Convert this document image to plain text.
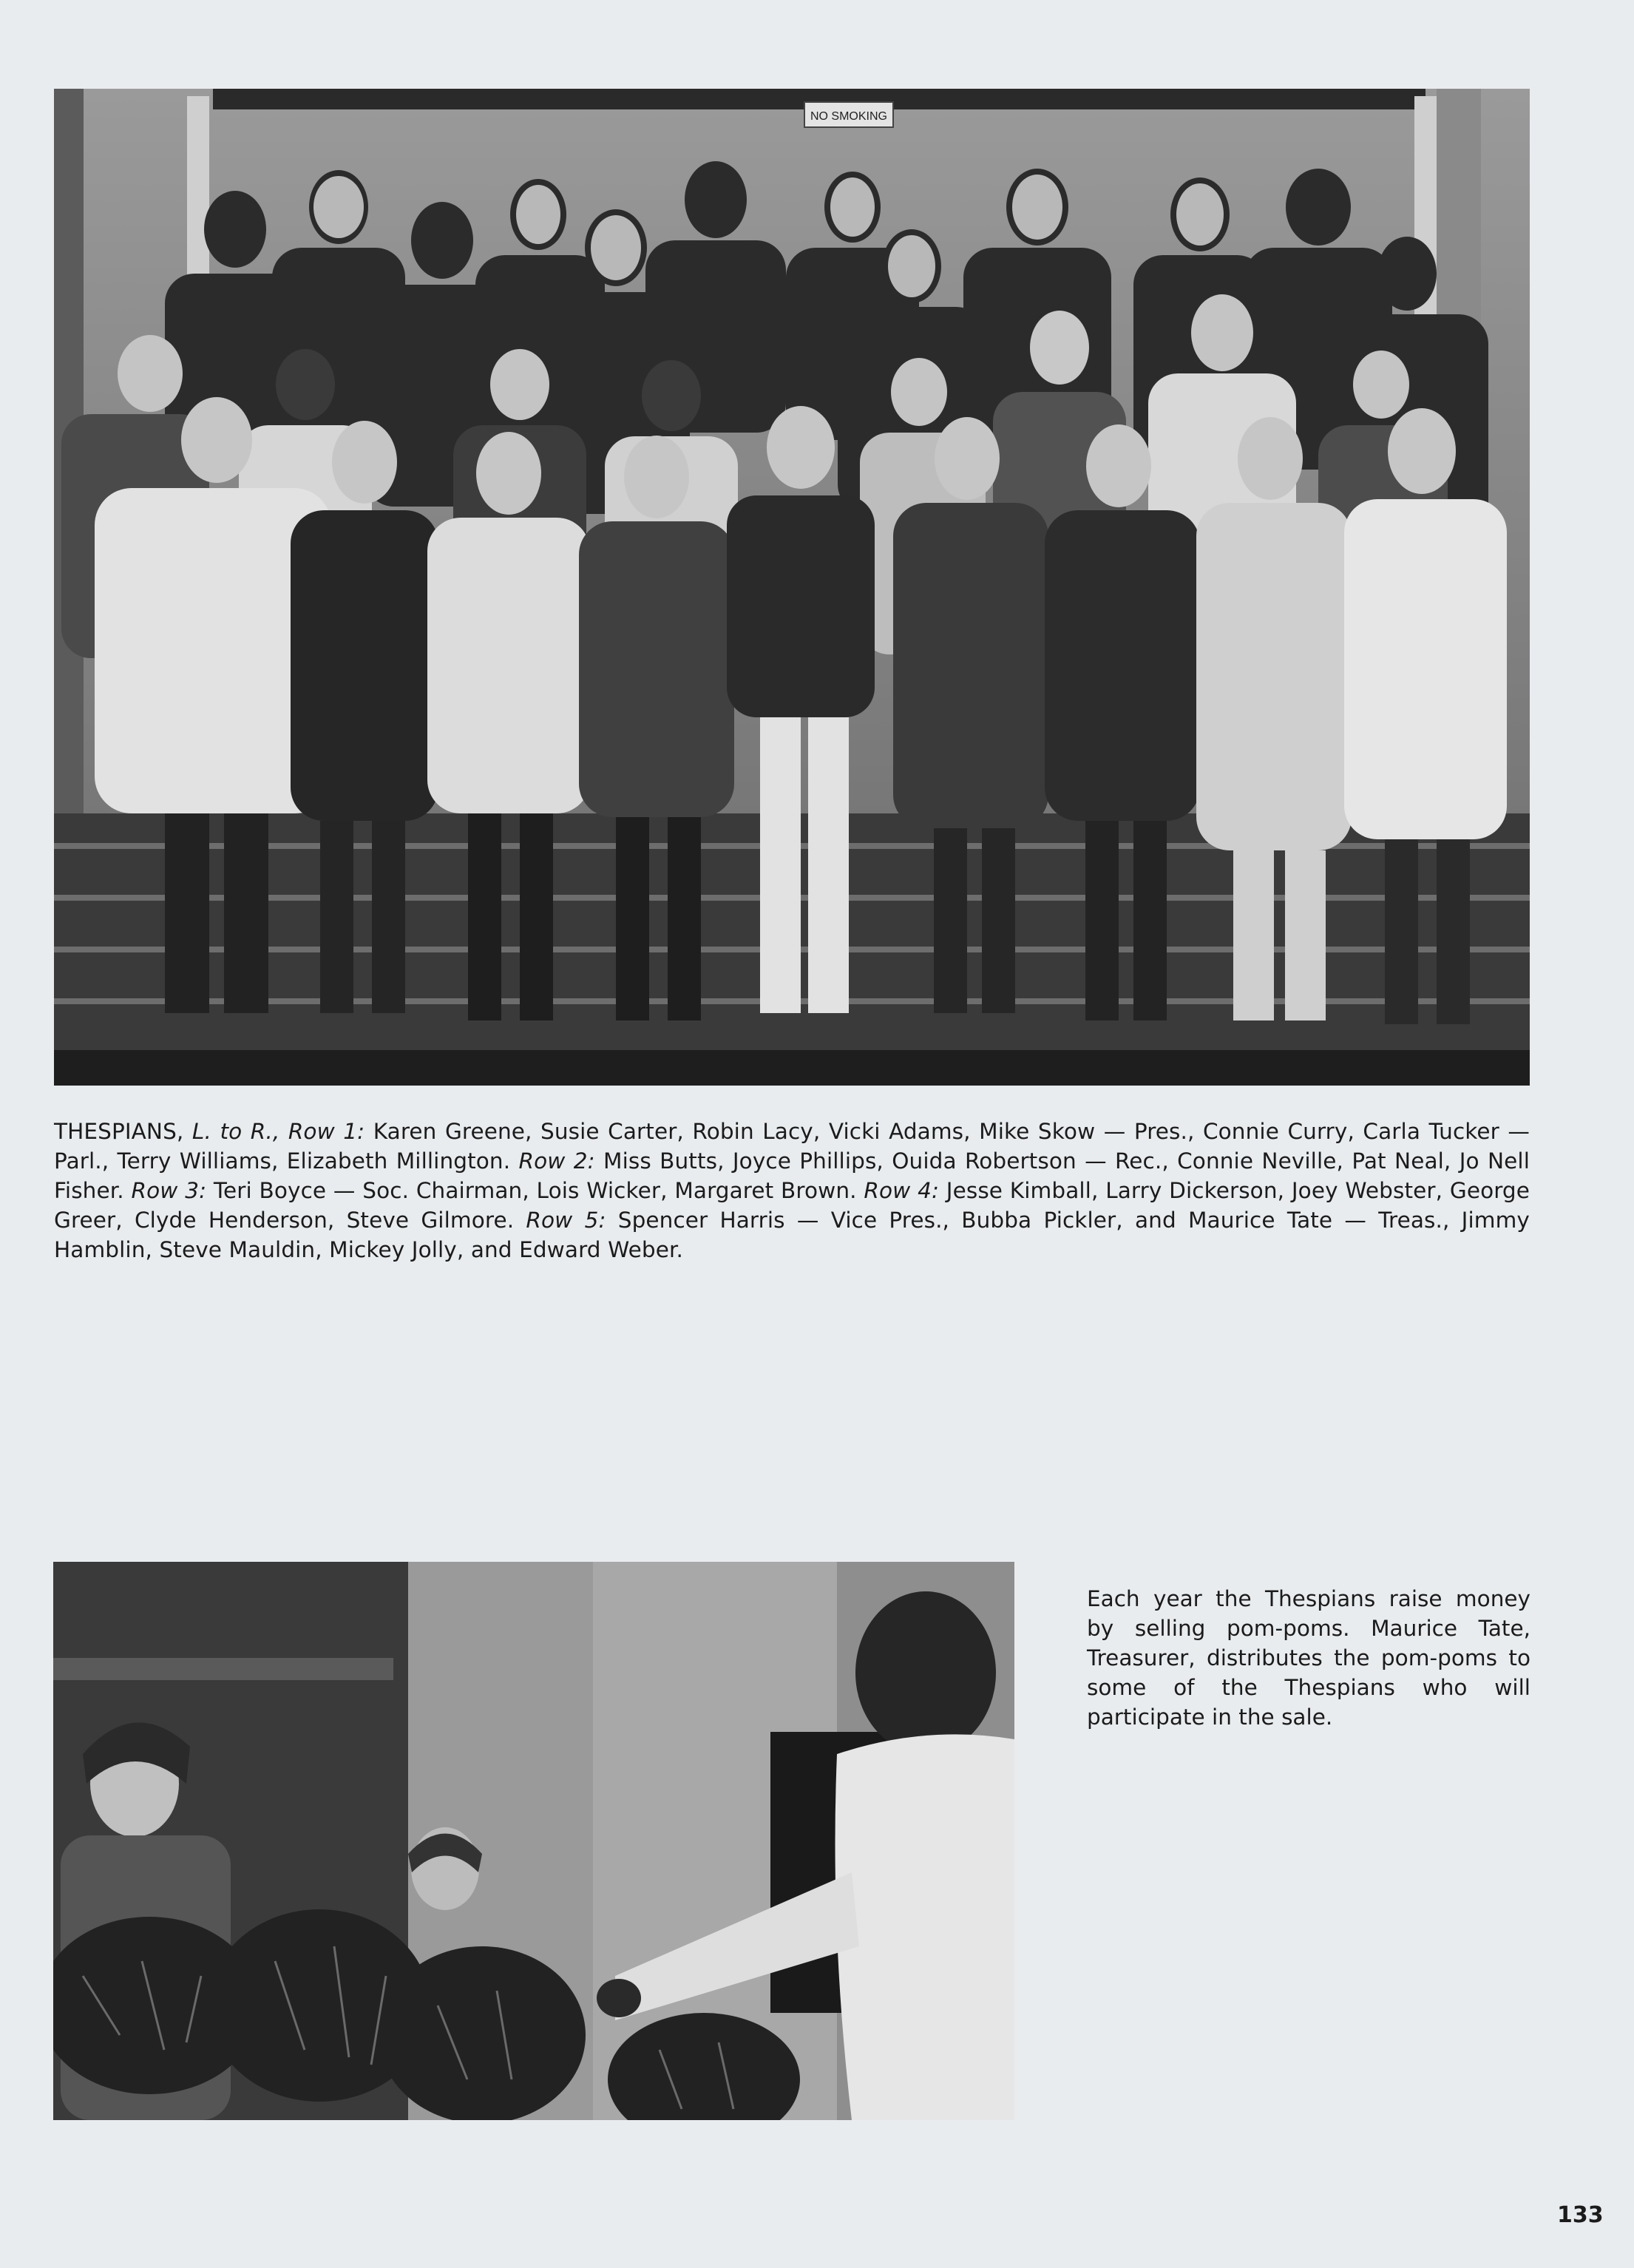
NO SMOKING
THESPIANS, L. to R., Row 1: Karen Greene, Susie Carter, Robin Lacy, Vicki Adams, Mike Skow — Pres., Connie Curry, Carla Tucker — Parl., Terry Williams, Elizabeth Millington. Row 2: Miss Butts, Joyce Phillips, Ouida Robertson — Rec., Connie Neville, Pat Neal, Jo Nell Fisher. Row 3: Teri Boyce — Soc. Chairman, Lois Wicker, Margaret Brown. Row 4: Jesse Kimball, Larry Dickerson, Joey Webster, George Greer, Clyde Henderson, Steve Gilmore. Row 5: Spencer Harris — Vice Pres., Bubba Pickler, and Maurice Tate — Treas., Jimmy Hamblin, Steve Mauldin, Mickey Jolly, and Edward Weber.
Each year the Thespians raise money by selling pom-poms. Maurice Tate, Treasurer, distributes the pom-poms to some of the Thespians who will participate in the sale.
133
